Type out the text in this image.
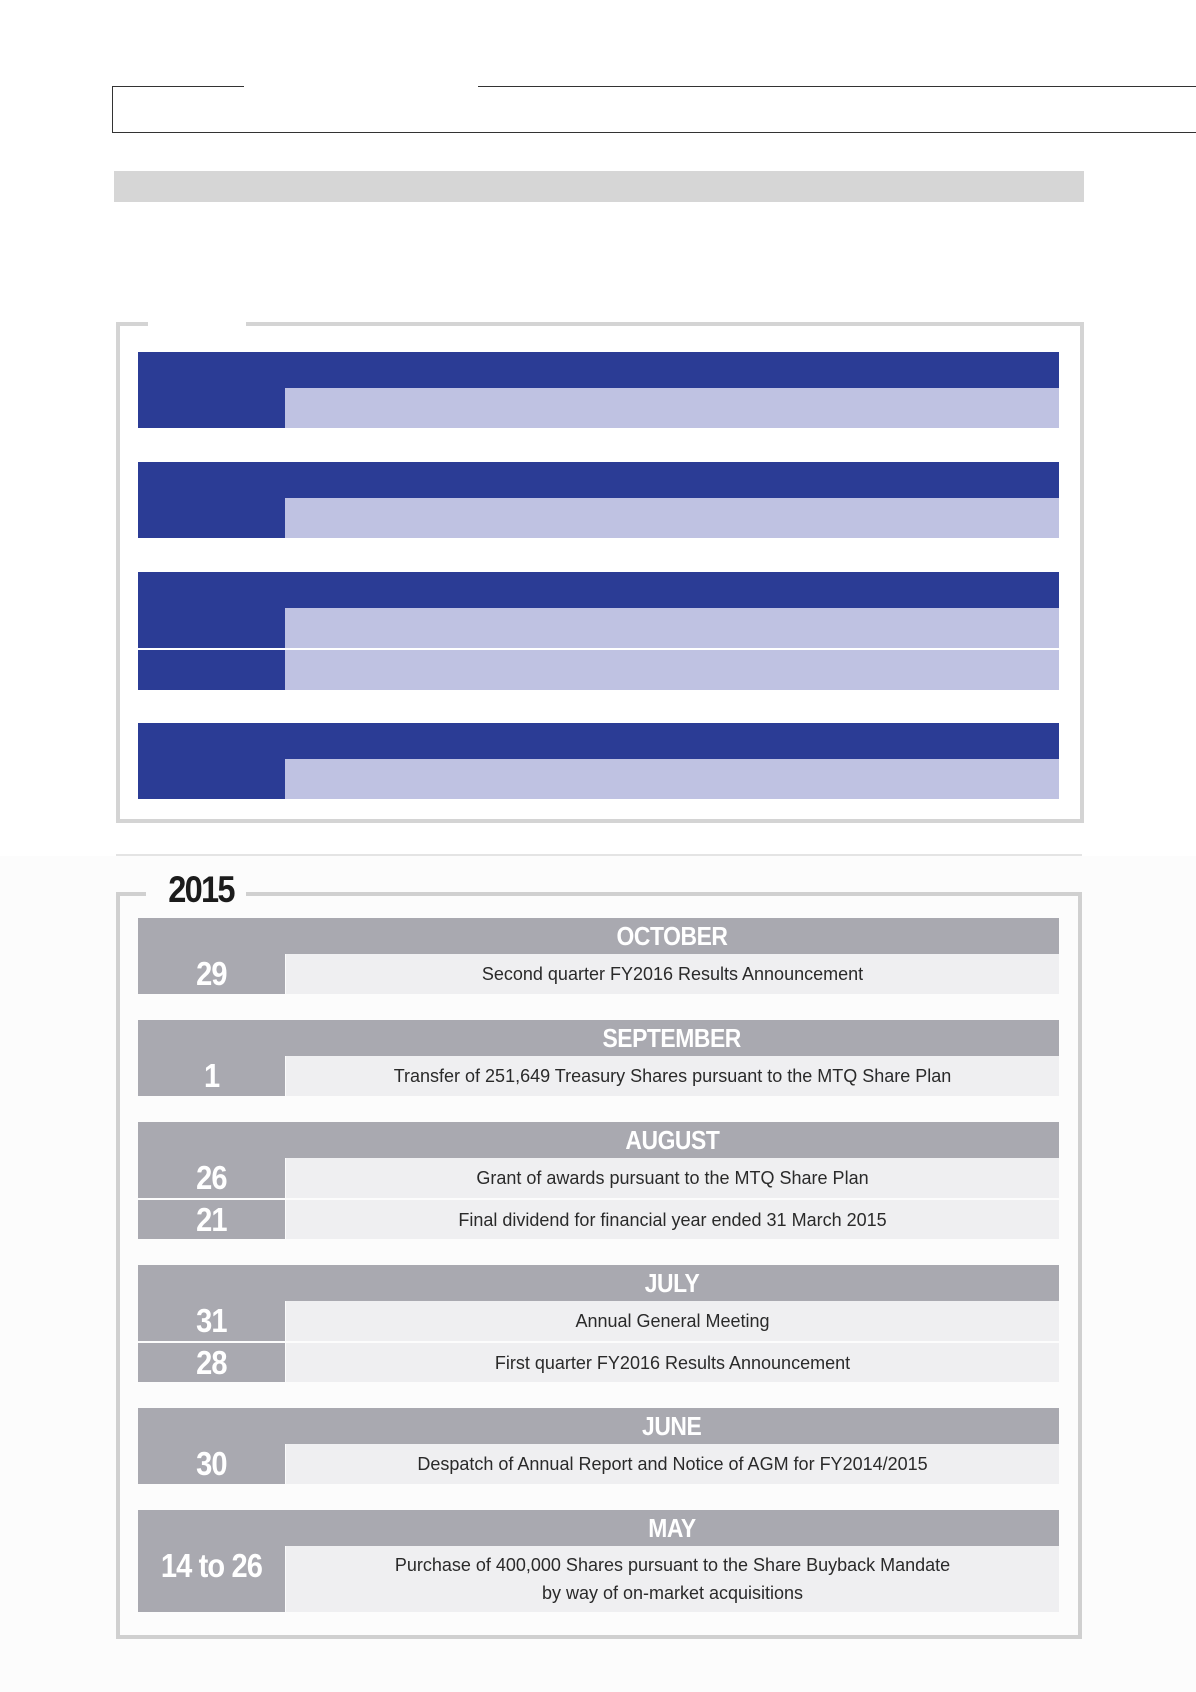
2015
OCTOBER
29	Second quarter FY2016 Results Announcement
SEPTEMBER
1	Transfer of 251,649 Treasury Shares pursuant to the MTQ Share Plan
AUGUST
26	Grant of awards pursuant to the MTQ Share Plan
21	Final dividend for financial year ended 31 March 2015
JULY
31	Annual General Meeting
28	First quarter FY2016 Results Announcement
JUNE
30	Despatch of Annual Report and Notice of AGM for FY2014/2015
MAY
14 to 26	Purchase of 400,000 Shares pursuant to the Share Buyback Mandate
by way of on-market acquisitions
